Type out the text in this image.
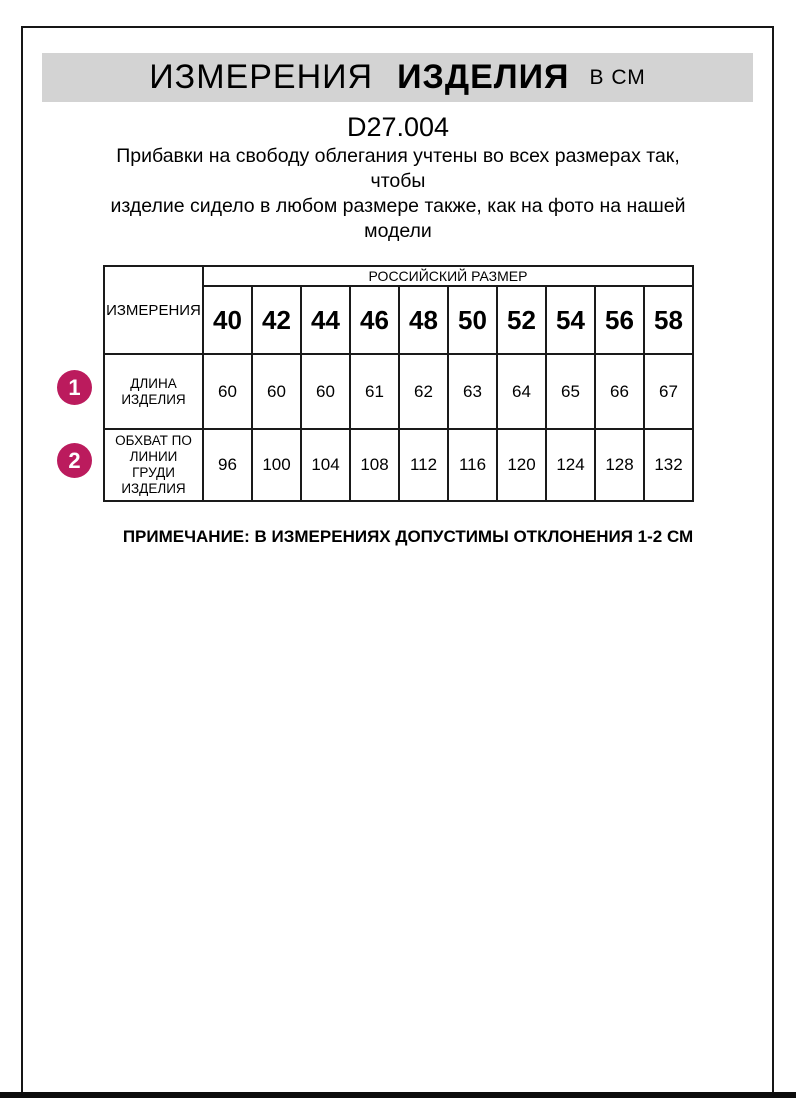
ИЗМЕРЕНИЯ ИЗДЕЛИЯ В СМ
D27.004
Прибавки на свободу облегания учтены во всех размерах так, чтобы
изделие сидело в любом размере также, как на фото на нашей
модели
ИЗМЕРЕНИЯ	РОССИЙСКИЙ РАЗМЕР									
	40	42	44	46	48	50	52	54	56	58

ДЛИНА
ИЗДЕЛИЯ	60	60	60	61	62	63	64	65	66	67

ОБХВАТ ПО
ЛИНИИ
ГРУДИ
ИЗДЕЛИЯ	96	100	104	108	112	116	120	124	128	132
1
2
ПРИМЕЧАНИЕ: В ИЗМЕРЕНИЯХ ДОПУСТИМЫ ОТКЛОНЕНИЯ 1-2 СМ
